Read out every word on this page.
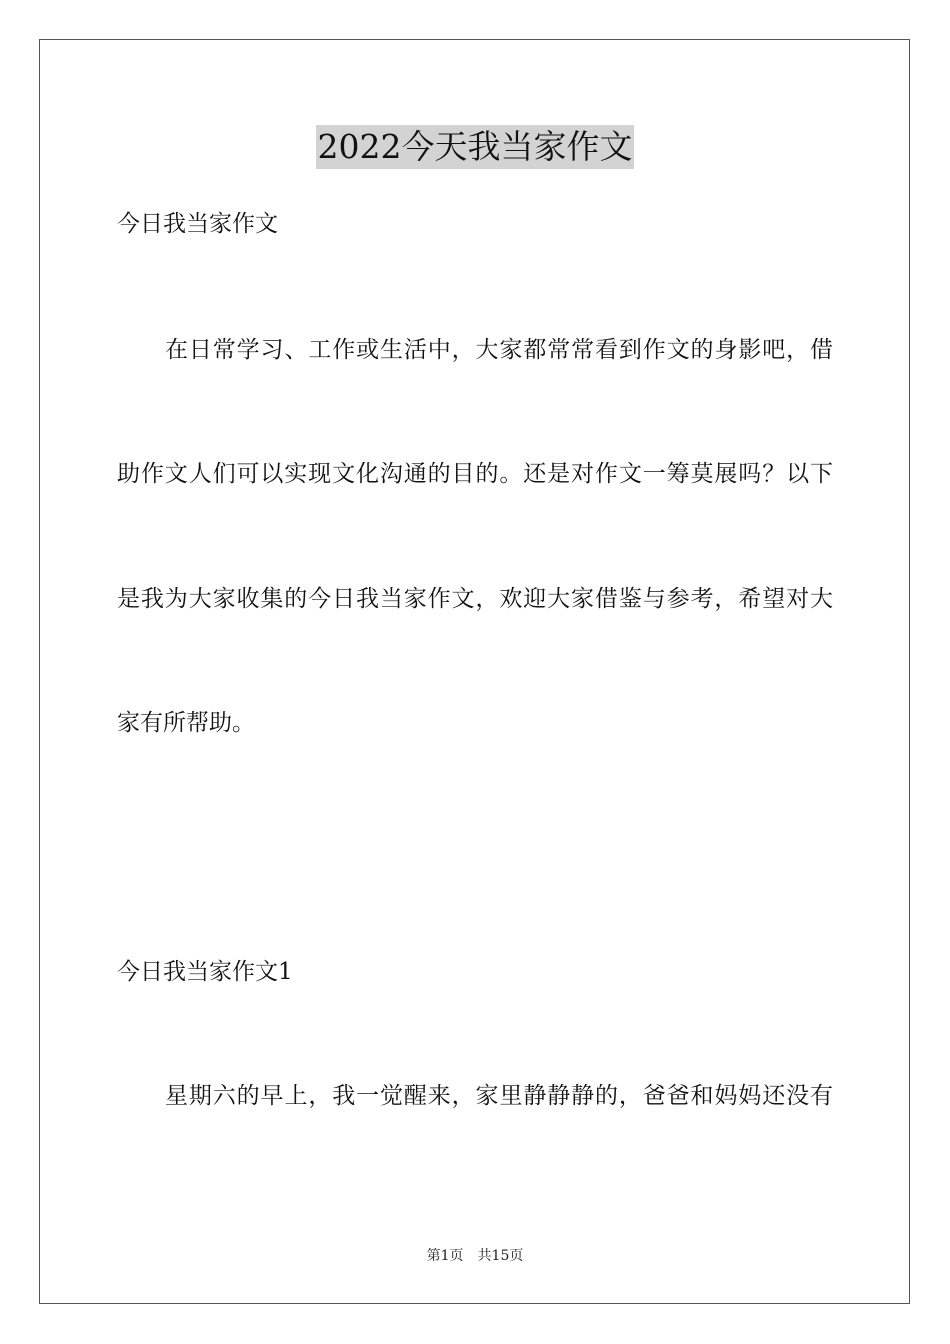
2022今天我当家作文
今日我当家作文
在日常学习、工作或生活中，大家都常常看到作文的身影吧，借
助作文人们可以实现文化沟通的目的。还是对作文一筹莫展吗？以下
是我为大家收集的今日我当家作文，欢迎大家借鉴与参考，希望对大
家有所帮助。
今日我当家作文1
星期六的早上，我一觉醒来，家里静静静的，爸爸和妈妈还没有
第1页　共15页
